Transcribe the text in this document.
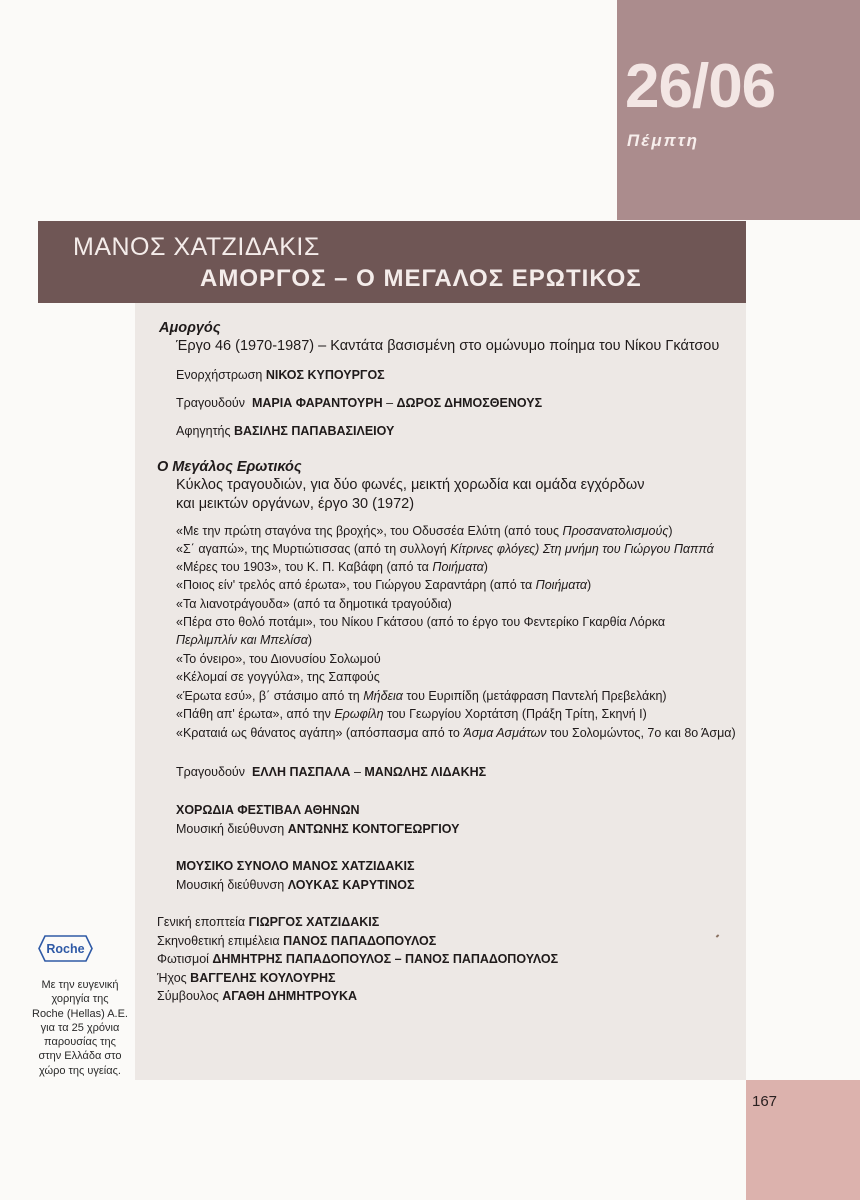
26/06
Πέμπτη
ΜΑΝΟΣ ΧΑΤΖΙΔΑΚΙΣ
ΑΜΟΡΓΟΣ – Ο ΜΕΓΑΛΟΣ ΕΡΩΤΙΚΟΣ
Αμοργός
Έργο 46 (1970-1987) – Καντάτα βασισμένη στο ομώνυμο ποίημα του Νίκου Γκάτσου
Ενορχήστρωση ΝΙΚΟΣ ΚΥΠΟΥΡΓΟΣ
Τραγουδούν ΜΑΡΙΑ ΦΑΡΑΝΤΟΥΡΗ – ΔΩΡΟΣ ΔΗΜΟΣΘΕΝΟΥΣ
Αφηγητής ΒΑΣΙΛΗΣ ΠΑΠΑΒΑΣΙΛΕΙΟΥ
Ο Μεγάλος Ερωτικός
Κύκλος τραγουδιών, για δύο φωνές, μεικτή χορωδία και ομάδα εγχόρδων
και μεικτών οργάνων, έργο 30 (1972)
«Με την πρώτη σταγόνα της βροχής», του Οδυσσέα Ελύτη (από τους Προσανατολισμούς)
«Σ΄ αγαπώ», της Μυρτιώτισσας (από τη συλλογή Κίτρινες φλόγες) Στη μνήμη του Γιώργου Παππά
«Μέρες του 1903», του Κ. Π. Καβάφη (από τα Ποιήματα)
«Ποιος είν' τρελός από έρωτα», του Γιώργου Σαραντάρη (από τα Ποιήματα)
«Τα λιανοτράγουδα» (από τα δημοτικά τραγούδια)
«Πέρα στο θολό ποτάμι», του Νίκου Γκάτσου (από το έργο του Φεντερίκο Γκαρθία Λόρκα
Περλιμπλίν και Μπελίσα)
«Το όνειρο», του Διονυσίου Σολωμού
«Κέλομαί σε γογγύλα», της Σαπφούς
«Έρωτα εσύ», β΄ στάσιμο από τη Μήδεια του Ευριπίδη (μετάφραση Παντελή Πρεβελάκη)
«Πάθη απ' έρωτα», από την Ερωφίλη του Γεωργίου Χορτάτση (Πράξη Τρίτη, Σκηνή Ι)
«Κραταιά ως θάνατος αγάπη» (απόσπασμα από το Άσμα Ασμάτων του Σολομώντος, 7ο και 8ο Άσμα)
Τραγουδούν ΕΛΛΗ ΠΑΣΠΑΛΑ – ΜΑΝΩΛΗΣ ΛΙΔΑΚΗΣ
ΧΟΡΩΔΙΑ ΦΕΣΤΙΒΑΛ ΑΘΗΝΩΝ
Μουσική διεύθυνση ΑΝΤΩΝΗΣ ΚΟΝΤΟΓΕΩΡΓΙΟΥ
ΜΟΥΣΙΚΟ ΣΥΝΟΛΟ ΜΑΝΟΣ ΧΑΤΖΙΔΑΚΙΣ
Μουσική διεύθυνση ΛΟΥΚΑΣ ΚΑΡΥΤΙΝΟΣ
Γενική εποπτεία ΓΙΩΡΓΟΣ ΧΑΤΖΙΔΑΚΙΣ
Σκηνοθετική επιμέλεια ΠΑΝΟΣ ΠΑΠΑΔΟΠΟΥΛΟΣ
Φωτισμοί ΔΗΜΗΤΡΗΣ ΠΑΠΑΔΟΠΟΥΛΟΣ – ΠΑΝΟΣ ΠΑΠΑΔΟΠΟΥΛΟΣ
Ήχος ΒΑΓΓΕΛΗΣ ΚΟΥΛΟΥΡΗΣ
Σύμβουλος ΑΓΑΘΗ ΔΗΜΗΤΡΟΥΚΑ
Roche
Με την ευγενική
χορηγία της
Roche (Hellas) A.E.
για τα 25 χρόνια
παρουσίας της
στην Ελλάδα στο
χώρο της υγείας.
167
